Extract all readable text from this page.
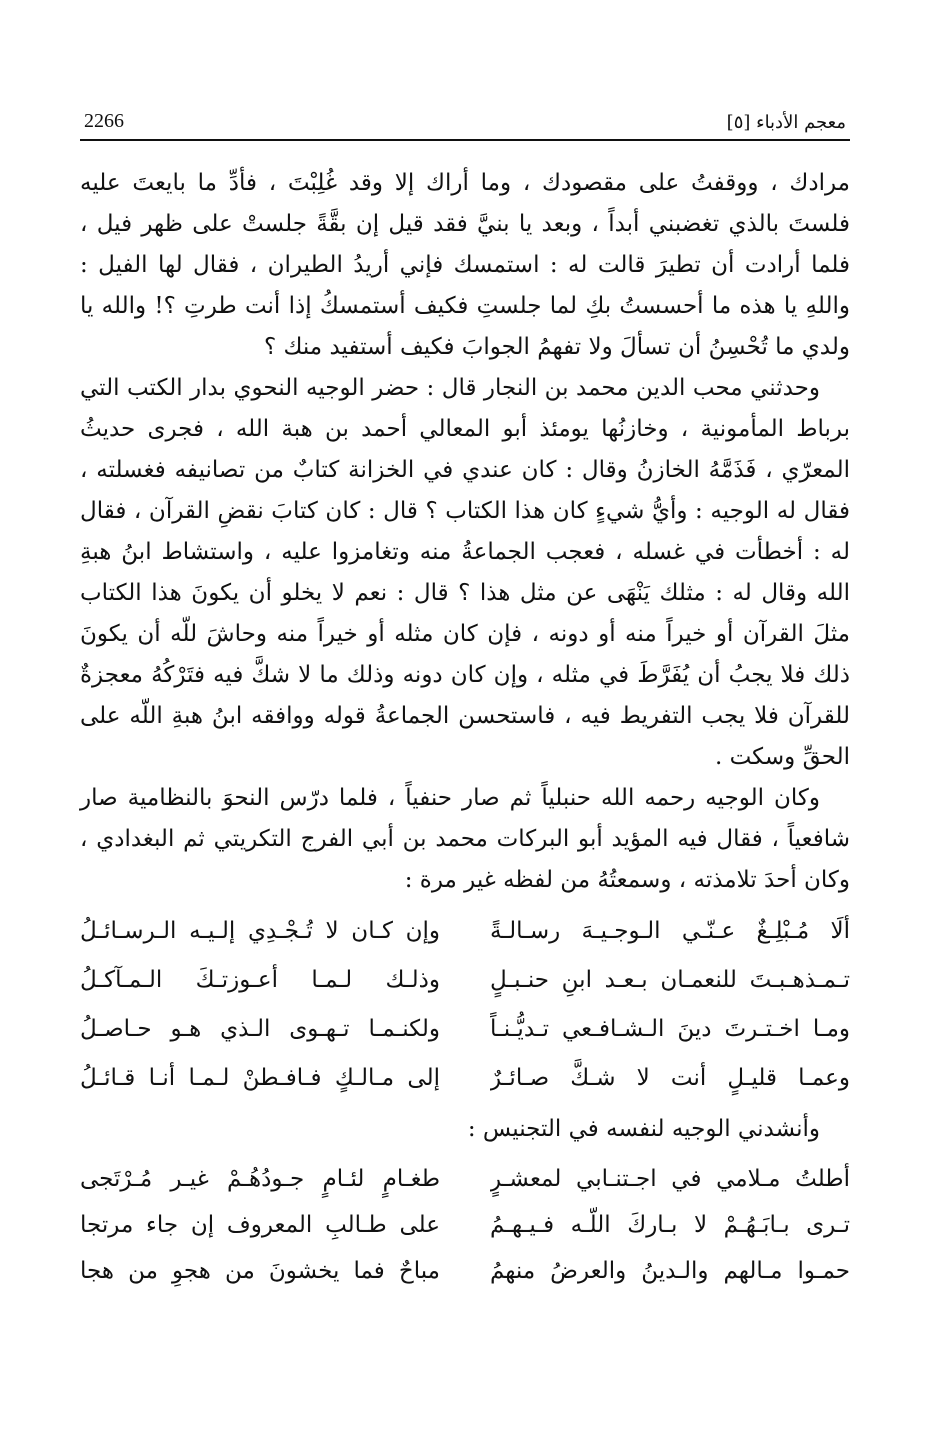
معجم الأدباء [٥]
2266

مرادك ، ووقفتُ على مقصودك ، وما أراك إلا وقد غُلِبْتَ ، فأدِّ ما بايعتَ عليه فلستَ بالذي تغضبني أبداً ، وبعد يا بنيَّ فقد قيل إن بقَّةً جلستْ على ظهر فيل ، فلما أرادت أن تطيرَ قالت له : استمسك فإني أريدُ الطيران ، فقال لها الفيل : واللهِ يا هذه ما أحسستُ بكِ لما جلستِ فكيف أستمسكُ إذا أنت طرتِ ؟! والله يا ولدي ما تُحْسِنُ أن تسألَ ولا تفهمُ الجوابَ فكيف أستفيد منك ؟

وحدثني محب الدين محمد بن النجار قال : حضر الوجيه النحوي بدار الكتب التي برباط المأمونية ، وخازنُها يومئذ أبو المعالي أحمد بن هبة الله ، فجرى حديثُ المعرّي ، فَذَمَّهُ الخازنُ وقال : كان عندي في الخزانة كتابٌ من تصانيفه فغسلته ، فقال له الوجيه : وأيُّ شيءٍ كان هذا الكتاب ؟ قال : كان كتابَ نقضِ القرآن ، فقال له : أخطأت في غسله ، فعجب الجماعةُ منه وتغامزوا عليه ، واستشاط ابنُ هبةِ الله وقال له : مثلك يَنْهَى عن مثل هذا ؟ قال : نعم لا يخلو أن يكونَ هذا الكتاب مثلَ القرآن أو خيراً منه أو دونه ، فإن كان مثله أو خيراً منه وحاشَ للّه أن يكونَ ذلك فلا يجبُ أن يُفَرَّطَ في مثله ، وإن كان دونه وذلك ما لا شكَّ فيه فتَرْكُهُ معجزةٌ للقرآن فلا يجب التفريط فيه ، فاستحسن الجماعةُ قوله ووافقه ابنُ هبةِ اللّه على الحقِّ وسكت .

وكان الوجيه رحمه الله حنبلياً ثم صار حنفياً ، فلما درّس النحوَ بالنظامية صار شافعياً ، فقال فيه المؤيد أبو البركات محمد بن أبي الفرج التكريتي ثم البغدادي ، وكان أحدَ تلامذته ، وسمعتُهُ من لفظه غير مرة :

ألَا مُـبْلِـغٌ عـنّـي الـوجـيـهَ رسـالـةً
وإن كـان لا تُـجْـدِي إلـيـه الـرسـائـلُ
تـمـذهـبـتَ للنعمـان بـعـد ابنِ حنـبـلٍ
وذلـك لـمـا أعـوزتـكَ الـمـآكـلُ
ومـا اخـتـرتَ دينَ الـشـافـعي تـديُّـنـاً
ولكنـمـا تـهـوى الـذي هـو حـاصـلُ
وعمـا قليـلٍ أنت لا شـكَّ صـائـرٌ
إلى مـالـكٍ فـافـطنْ لـمـا أنـا قـائـلُ

وأنشدني الوجيه لنفسه في التجنيس :

أطلتُ مـلامي في اجـتنـابي لمعشـرٍ
طغـامٍ لئـامٍ جـودُهُـمْ غيـر مُـرْتَجى
تـرى بـابَـهُـمْ لا بـاركَ اللّـه فـيـهـمُ
على طـالبِ المعروف إن جاء مرتجا
حمـوا مـالهم والـدينُ والعرضُ منهمُ
مباحٌ فما يخشونَ من هجوِ من هجا
